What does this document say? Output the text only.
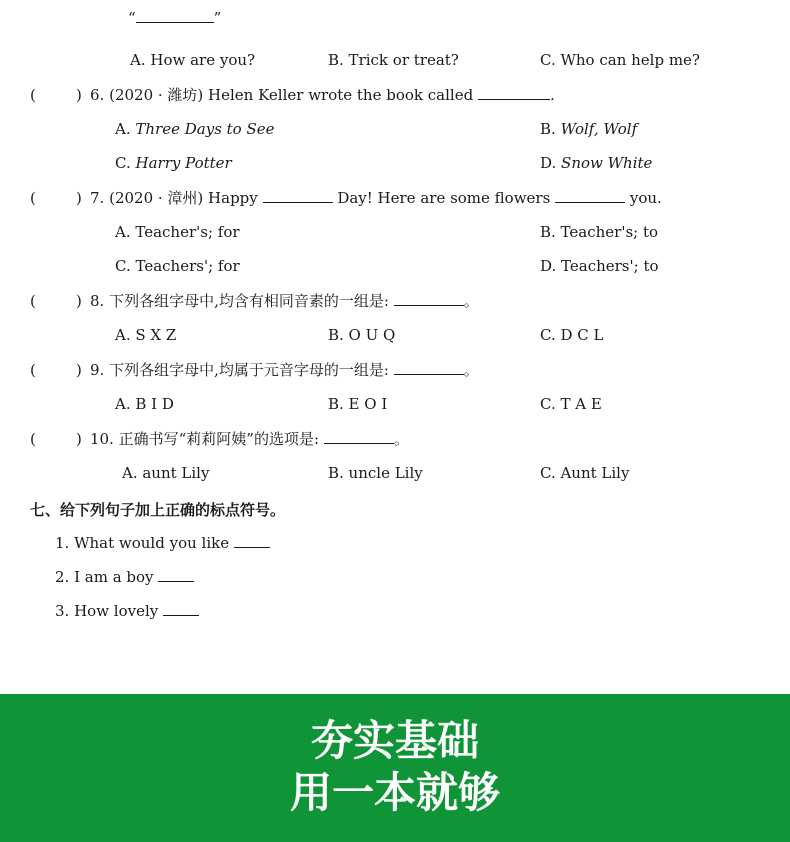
“	”
A. How are you?	B. Trick or treat?	C. Who can help me?
(	) 6. (2020 · 潍坊) Helen Keller wrote the book called	.
A. Three Days to See	B. Wolf, Wolf
C. Harry Potter	D. Snow White
(	) 7. (2020 · 漳州) Happy	Day! Here are some flowers	you.
A. Teacher's; for	B. Teacher's; to
C. Teachers'; for	D. Teachers'; to
(	) 8. 下列各组字母中,均含有相同音素的一组是:	。
A. S X Z	B. O U Q	C. D C L
(	) 9. 下列各组字母中,均属于元音字母的一组是:	。
A. B I D	B. E O I	C. T A E
(	) 10. 正确书写“莉莉阿姨”的选项是:	。
A. aunt Lily	B. uncle Lily	C. Aunt Lily
七、给下列句子加上正确的标点符号。
1. What would you like
2. I am a boy
3. How lovely
夯实基础
用一本就够
